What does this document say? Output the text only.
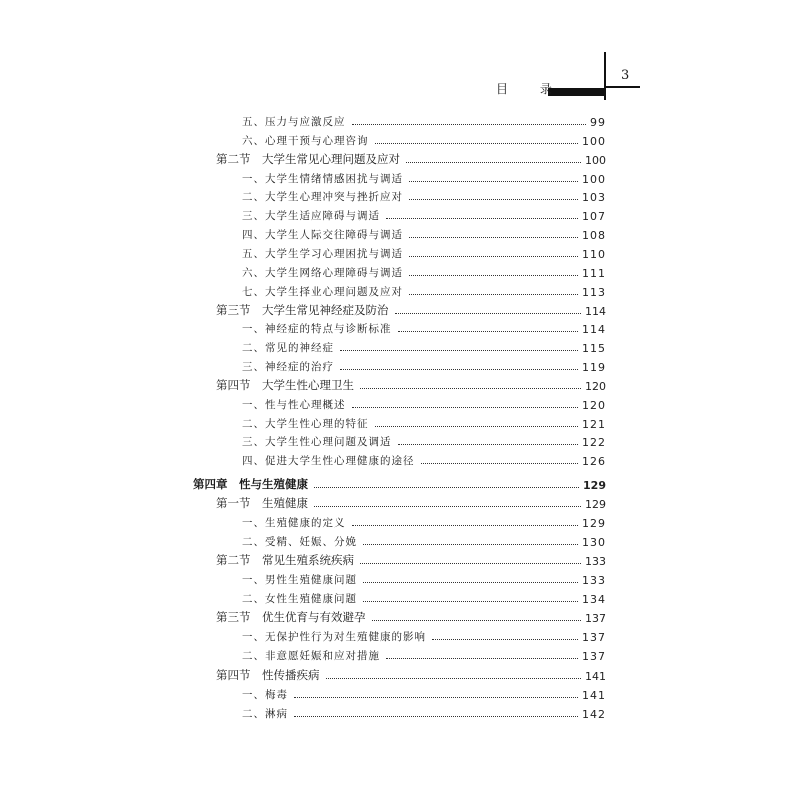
目 录
3
五、压力与应激反应	99
六、心理干预与心理咨询	100
第二节　大学生常见心理问题及应对	100
一、大学生情绪情感困扰与调适	100
二、大学生心理冲突与挫折应对	103
三、大学生适应障碍与调适	107
四、大学生人际交往障碍与调适	108
五、大学生学习心理困扰与调适	110
六、大学生网络心理障碍与调适	111
七、大学生择业心理问题及应对	113
第三节　大学生常见神经症及防治	114
一、神经症的特点与诊断标准	114
二、常见的神经症	115
三、神经症的治疗	119
第四节　大学生性心理卫生	120
一、性与性心理概述	120
二、大学生性心理的特征	121
三、大学生性心理问题及调适	122
四、促进大学生性心理健康的途径	126
第四章　性与生殖健康	129
第一节　生殖健康	129
一、生殖健康的定义	129
二、受精、妊娠、分娩	130
第二节　常见生殖系统疾病	133
一、男性生殖健康问题	133
二、女性生殖健康问题	134
第三节　优生优育与有效避孕	137
一、无保护性行为对生殖健康的影响	137
二、非意愿妊娠和应对措施	137
第四节　性传播疾病	141
一、梅毒	141
二、淋病	142
